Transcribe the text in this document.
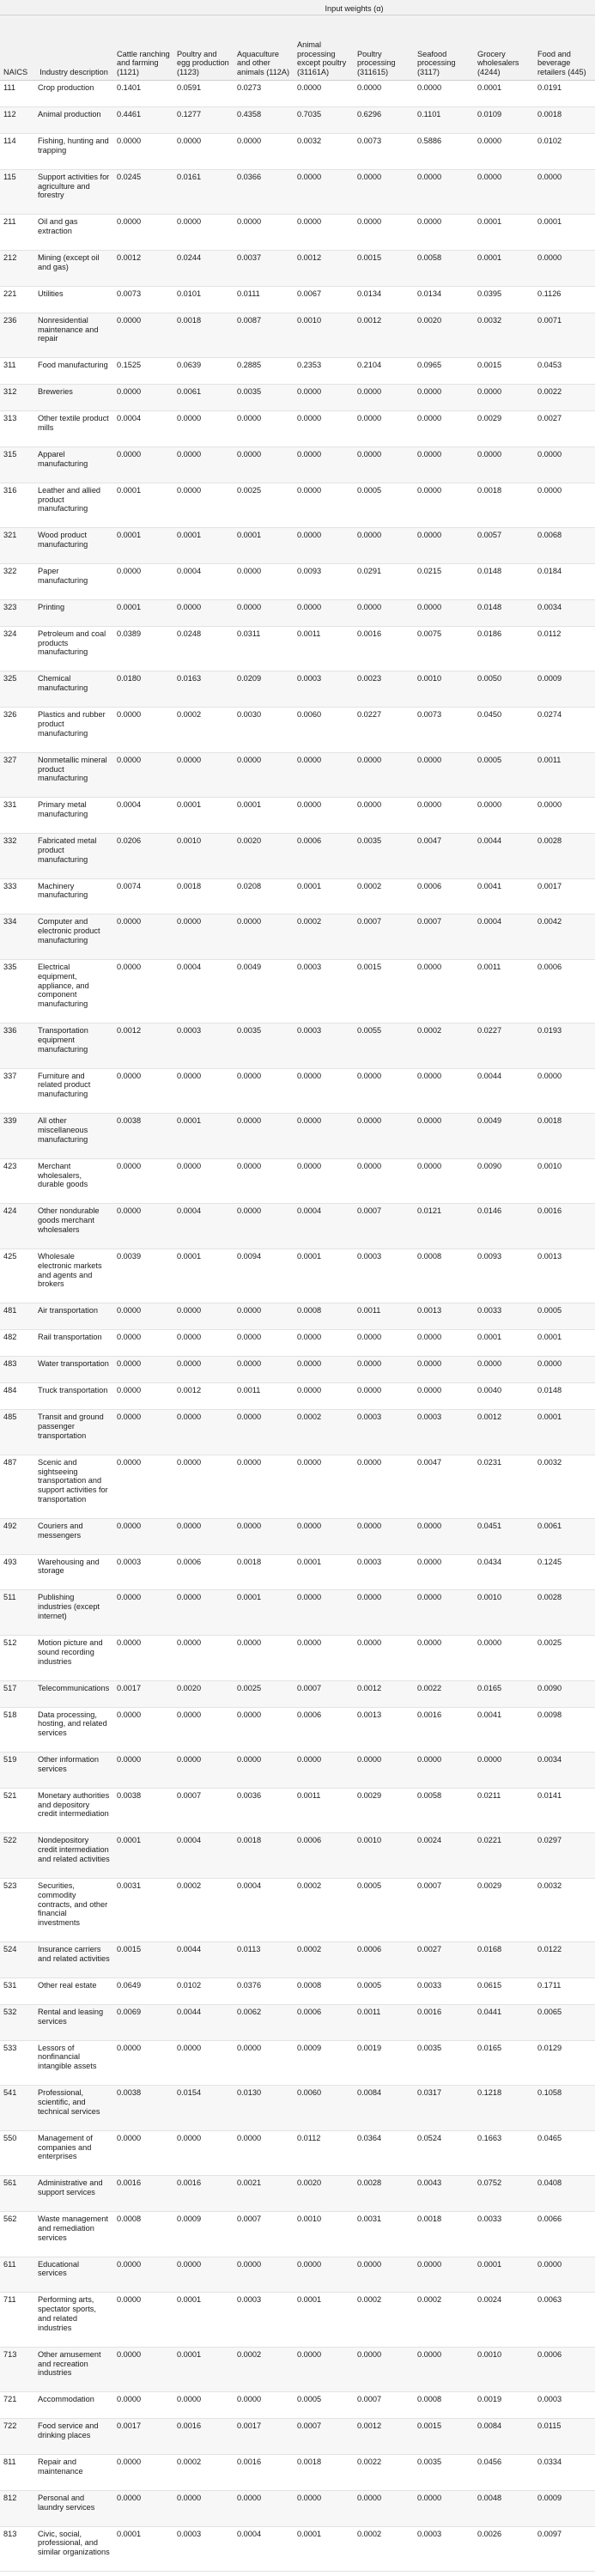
		Input weights (α)							
NAICS	Industry description	Cattle ranching and farming (1121)	Poultry and egg production (1123)	Aquaculture and other animals (112A)	Animal processing except poultry (31161A)	Poultry processing (311615)	Seafood processing (3117)	Grocery wholesalers (4244)	Food and beverage retailers (445)
111	Crop production	0.1401	0.0591	0.0273	0.0000	0.0000	0.0000	0.0001	0.0191
112	Animal production	0.4461	0.1277	0.4358	0.7035	0.6296	0.1101	0.0109	0.0018
114	Fishing, hunting and trapping	0.0000	0.0000	0.0000	0.0032	0.0073	0.5886	0.0000	0.0102
115	Support activities for agriculture and forestry	0.0245	0.0161	0.0366	0.0000	0.0000	0.0000	0.0000	0.0000
211	Oil and gas extraction	0.0000	0.0000	0.0000	0.0000	0.0000	0.0000	0.0001	0.0001
212	Mining (except oil and gas)	0.0012	0.0244	0.0037	0.0012	0.0015	0.0058	0.0001	0.0000
221	Utilities	0.0073	0.0101	0.0111	0.0067	0.0134	0.0134	0.0395	0.1126
236	Nonresidential maintenance and repair	0.0000	0.0018	0.0087	0.0010	0.0012	0.0020	0.0032	0.0071
311	Food manufacturing	0.1525	0.0639	0.2885	0.2353	0.2104	0.0965	0.0015	0.0453
312	Breweries	0.0000	0.0061	0.0035	0.0000	0.0000	0.0000	0.0000	0.0022
313	Other textile product mills	0.0004	0.0000	0.0000	0.0000	0.0000	0.0000	0.0029	0.0027
315	Apparel manufacturing	0.0000	0.0000	0.0000	0.0000	0.0000	0.0000	0.0000	0.0000
316	Leather and allied product manufacturing	0.0001	0.0000	0.0025	0.0000	0.0005	0.0000	0.0018	0.0000
321	Wood product manufacturing	0.0001	0.0001	0.0001	0.0000	0.0000	0.0000	0.0057	0.0068
322	Paper manufacturing	0.0000	0.0004	0.0000	0.0093	0.0291	0.0215	0.0148	0.0184
323	Printing	0.0001	0.0000	0.0000	0.0000	0.0000	0.0000	0.0148	0.0034
324	Petroleum and coal products manufacturing	0.0389	0.0248	0.0311	0.0011	0.0016	0.0075	0.0186	0.0112
325	Chemical manufacturing	0.0180	0.0163	0.0209	0.0003	0.0023	0.0010	0.0050	0.0009
326	Plastics and rubber product manufacturing	0.0000	0.0002	0.0030	0.0060	0.0227	0.0073	0.0450	0.0274
327	Nonmetallic mineral product manufacturing	0.0000	0.0000	0.0000	0.0000	0.0000	0.0000	0.0005	0.0011
331	Primary metal manufacturing	0.0004	0.0001	0.0001	0.0000	0.0000	0.0000	0.0000	0.0000
332	Fabricated metal product manufacturing	0.0206	0.0010	0.0020	0.0006	0.0035	0.0047	0.0044	0.0028
333	Machinery manufacturing	0.0074	0.0018	0.0208	0.0001	0.0002	0.0006	0.0041	0.0017
334	Computer and electronic product manufacturing	0.0000	0.0000	0.0000	0.0002	0.0007	0.0007	0.0004	0.0042
335	Electrical equipment, appliance, and component manufacturing	0.0000	0.0004	0.0049	0.0003	0.0015	0.0000	0.0011	0.0006
336	Transportation equipment manufacturing	0.0012	0.0003	0.0035	0.0003	0.0055	0.0002	0.0227	0.0193
337	Furniture and related product manufacturing	0.0000	0.0000	0.0000	0.0000	0.0000	0.0000	0.0044	0.0000
339	All other miscellaneous manufacturing	0.0038	0.0001	0.0000	0.0000	0.0000	0.0000	0.0049	0.0018
423	Merchant wholesalers, durable goods	0.0000	0.0000	0.0000	0.0000	0.0000	0.0000	0.0090	0.0010
424	Other nondurable goods merchant wholesalers	0.0000	0.0004	0.0000	0.0004	0.0007	0.0121	0.0146	0.0016
425	Wholesale electronic markets and agents and brokers	0.0039	0.0001	0.0094	0.0001	0.0003	0.0008	0.0093	0.0013
481	Air transportation	0.0000	0.0000	0.0000	0.0008	0.0011	0.0013	0.0033	0.0005
482	Rail transportation	0.0000	0.0000	0.0000	0.0000	0.0000	0.0000	0.0001	0.0001
483	Water transportation	0.0000	0.0000	0.0000	0.0000	0.0000	0.0000	0.0000	0.0000
484	Truck transportation	0.0000	0.0012	0.0011	0.0000	0.0000	0.0000	0.0040	0.0148
485	Transit and ground passenger transportation	0.0000	0.0000	0.0000	0.0002	0.0003	0.0003	0.0012	0.0001
487	Scenic and sightseeing transportation and support activities for transportation	0.0000	0.0000	0.0000	0.0000	0.0000	0.0047	0.0231	0.0032
492	Couriers and messengers	0.0000	0.0000	0.0000	0.0000	0.0000	0.0000	0.0451	0.0061
493	Warehousing and storage	0.0003	0.0006	0.0018	0.0001	0.0003	0.0000	0.0434	0.1245
511	Publishing industries (except internet)	0.0000	0.0000	0.0001	0.0000	0.0000	0.0000	0.0010	0.0028
512	Motion picture and sound recording industries	0.0000	0.0000	0.0000	0.0000	0.0000	0.0000	0.0000	0.0025
517	Telecommunications	0.0017	0.0020	0.0025	0.0007	0.0012	0.0022	0.0165	0.0090
518	Data processing, hosting, and related services	0.0000	0.0000	0.0000	0.0006	0.0013	0.0016	0.0041	0.0098
519	Other information services	0.0000	0.0000	0.0000	0.0000	0.0000	0.0000	0.0000	0.0034
521	Monetary authorities and depository credit intermediation	0.0038	0.0007	0.0036	0.0011	0.0029	0.0058	0.0211	0.0141
522	Nondepository credit intermediation and related activities	0.0001	0.0004	0.0018	0.0006	0.0010	0.0024	0.0221	0.0297
523	Securities, commodity contracts, and other financial investments	0.0031	0.0002	0.0004	0.0002	0.0005	0.0007	0.0029	0.0032
524	Insurance carriers and related activities	0.0015	0.0044	0.0113	0.0002	0.0006	0.0027	0.0168	0.0122
531	Other real estate	0.0649	0.0102	0.0376	0.0008	0.0005	0.0033	0.0615	0.1711
532	Rental and leasing services	0.0069	0.0044	0.0062	0.0006	0.0011	0.0016	0.0441	0.0065
533	Lessors of nonfinancial intangible assets	0.0000	0.0000	0.0000	0.0009	0.0019	0.0035	0.0165	0.0129
541	Professional, scientific, and technical services	0.0038	0.0154	0.0130	0.0060	0.0084	0.0317	0.1218	0.1058
550	Management of companies and enterprises	0.0000	0.0000	0.0000	0.0112	0.0364	0.0524	0.1663	0.0465
561	Administrative and support services	0.0016	0.0016	0.0021	0.0020	0.0028	0.0043	0.0752	0.0408
562	Waste management and remediation services	0.0008	0.0009	0.0007	0.0010	0.0031	0.0018	0.0033	0.0066
611	Educational services	0.0000	0.0000	0.0000	0.0000	0.0000	0.0000	0.0001	0.0000
711	Performing arts, spectator sports, and related industries	0.0000	0.0001	0.0003	0.0001	0.0002	0.0002	0.0024	0.0063
713	Other amusement and recreation industries	0.0000	0.0001	0.0002	0.0000	0.0000	0.0000	0.0010	0.0006
721	Accommodation	0.0000	0.0000	0.0000	0.0005	0.0007	0.0008	0.0019	0.0003
722	Food service and drinking places	0.0017	0.0016	0.0017	0.0007	0.0012	0.0015	0.0084	0.0115
811	Repair and maintenance	0.0000	0.0002	0.0016	0.0018	0.0022	0.0035	0.0456	0.0334
812	Personal and laundry services	0.0000	0.0000	0.0000	0.0000	0.0000	0.0000	0.0048	0.0009
813	Civic, social, professional, and similar organizations	0.0001	0.0003	0.0004	0.0001	0.0002	0.0003	0.0026	0.0097
